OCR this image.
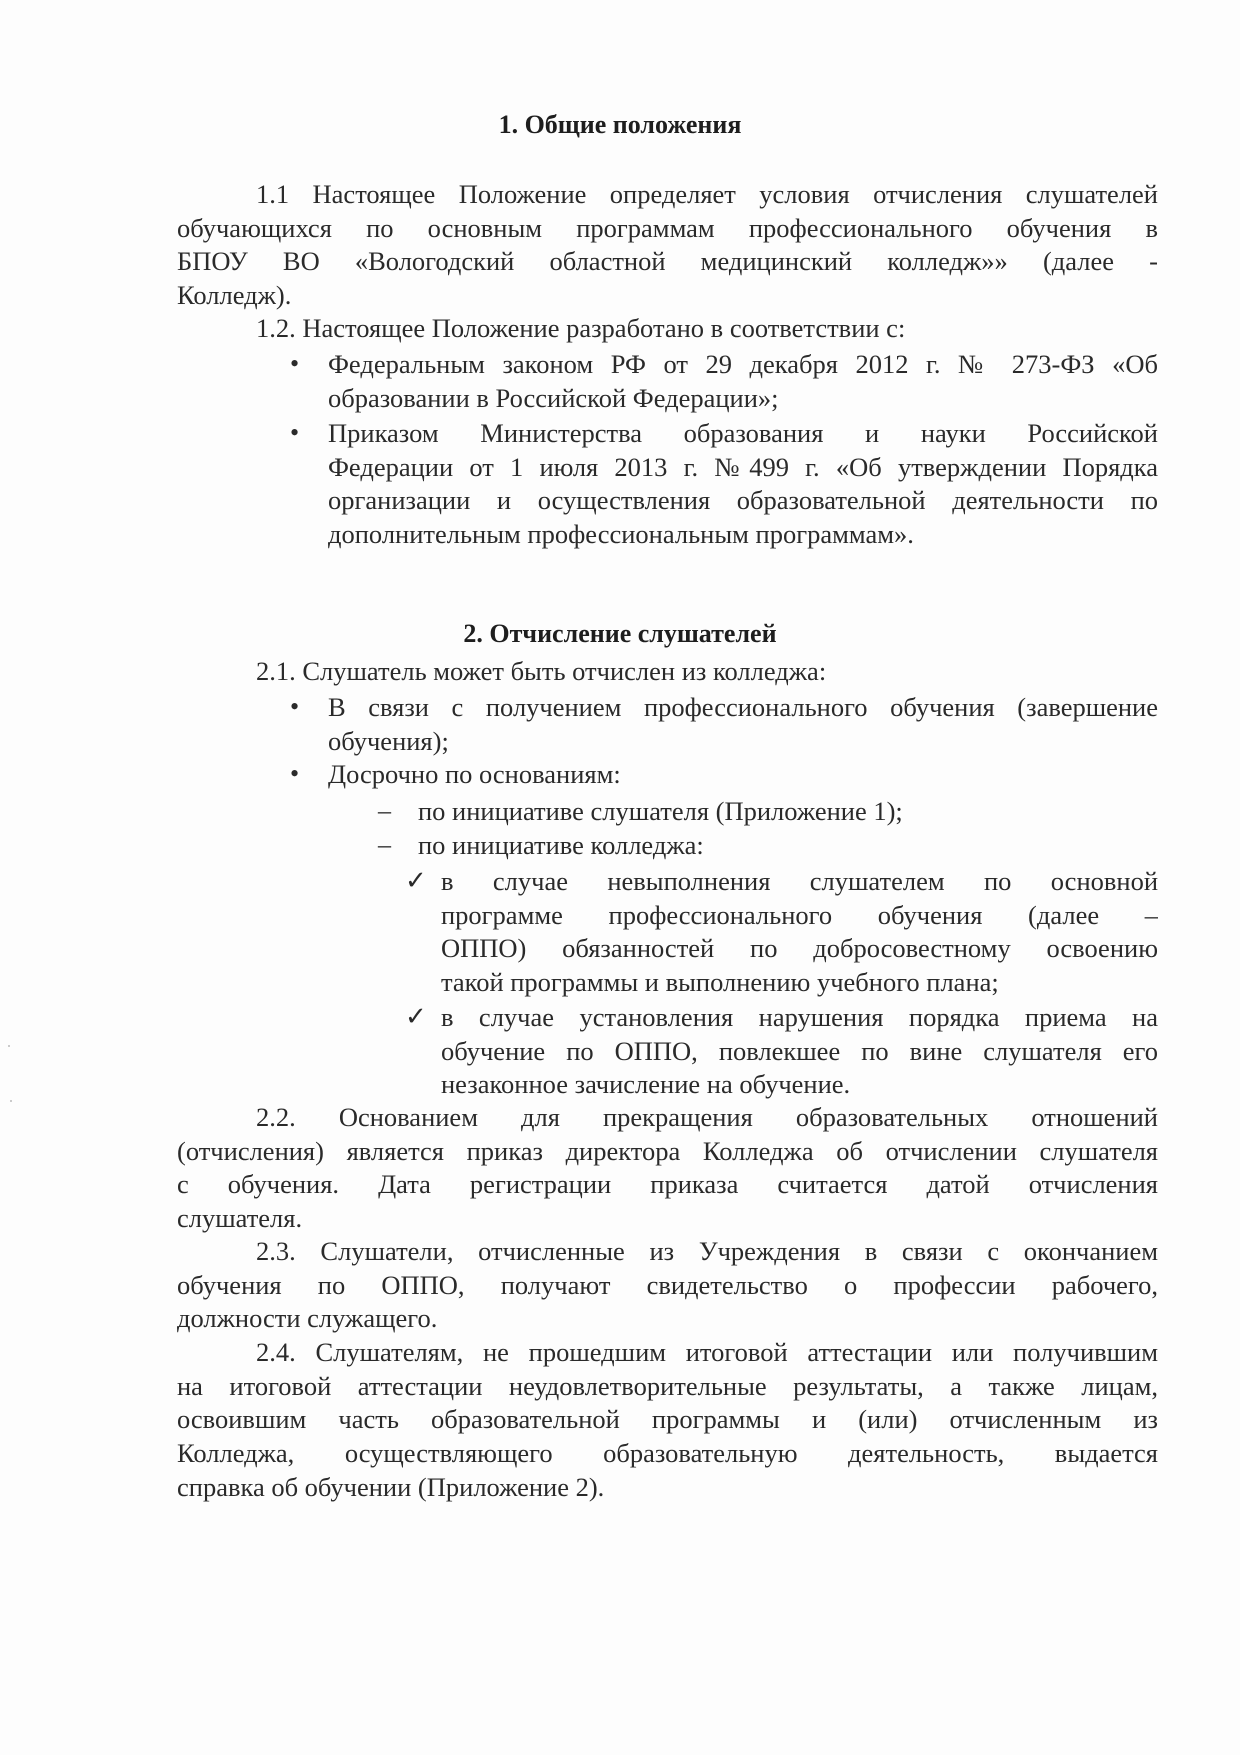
1. Общие положения
1.1 Настоящее Положение определяет условия отчисления слушателей
обучающихся по основным программам профессионального обучения в
БПОУ ВО «Вологодский областной медицинский колледж»» (далее -
Колледж).
1.2. Настоящее Положение разработано в соответствии с:
• Федеральным законом РФ от 29 декабря 2012 г. № 273-ФЗ «Об
образовании в Российской Федерации»;
• Приказом Министерства образования и науки Российской
Федерации от 1 июля 2013 г. №499 г. «Об утверждении Порядка
организации и осуществления образовательной деятельности по
дополнительным профессиональным программам».
2. Отчисление слушателей
2.1. Слушатель может быть отчислен из колледжа:
• В связи с получением профессионального обучения (завершение
обучения);
• Досрочно по основаниям:
– по инициативе слушателя (Приложение 1);
– по инициативе колледжа:
✓ в случае невыполнения слушателем по основной
программе профессионального обучения (далее –
ОППО) обязанностей по добросовестному освоению
такой программы и выполнению учебного плана;
✓ в случае установления нарушения порядка приема на
обучение по ОППО, повлекшее по вине слушателя его
незаконное зачисление на обучение.
2.2. Основанием для прекращения образовательных отношений
(отчисления) является приказ директора Колледжа об отчислении слушателя
с обучения. Дата регистрации приказа считается датой отчисления
слушателя.
2.3. Слушатели, отчисленные из Учреждения в связи с окончанием
обучения по ОППО, получают свидетельство о профессии рабочего,
должности служащего.
2.4. Слушателям, не прошедшим итоговой аттестации или получившим
на итоговой аттестации неудовлетворительные результаты, а также лицам,
освоившим часть образовательной программы и (или) отчисленным из
Колледжа, осуществляющего образовательную деятельность, выдается
справка об обучении (Приложение 2).
